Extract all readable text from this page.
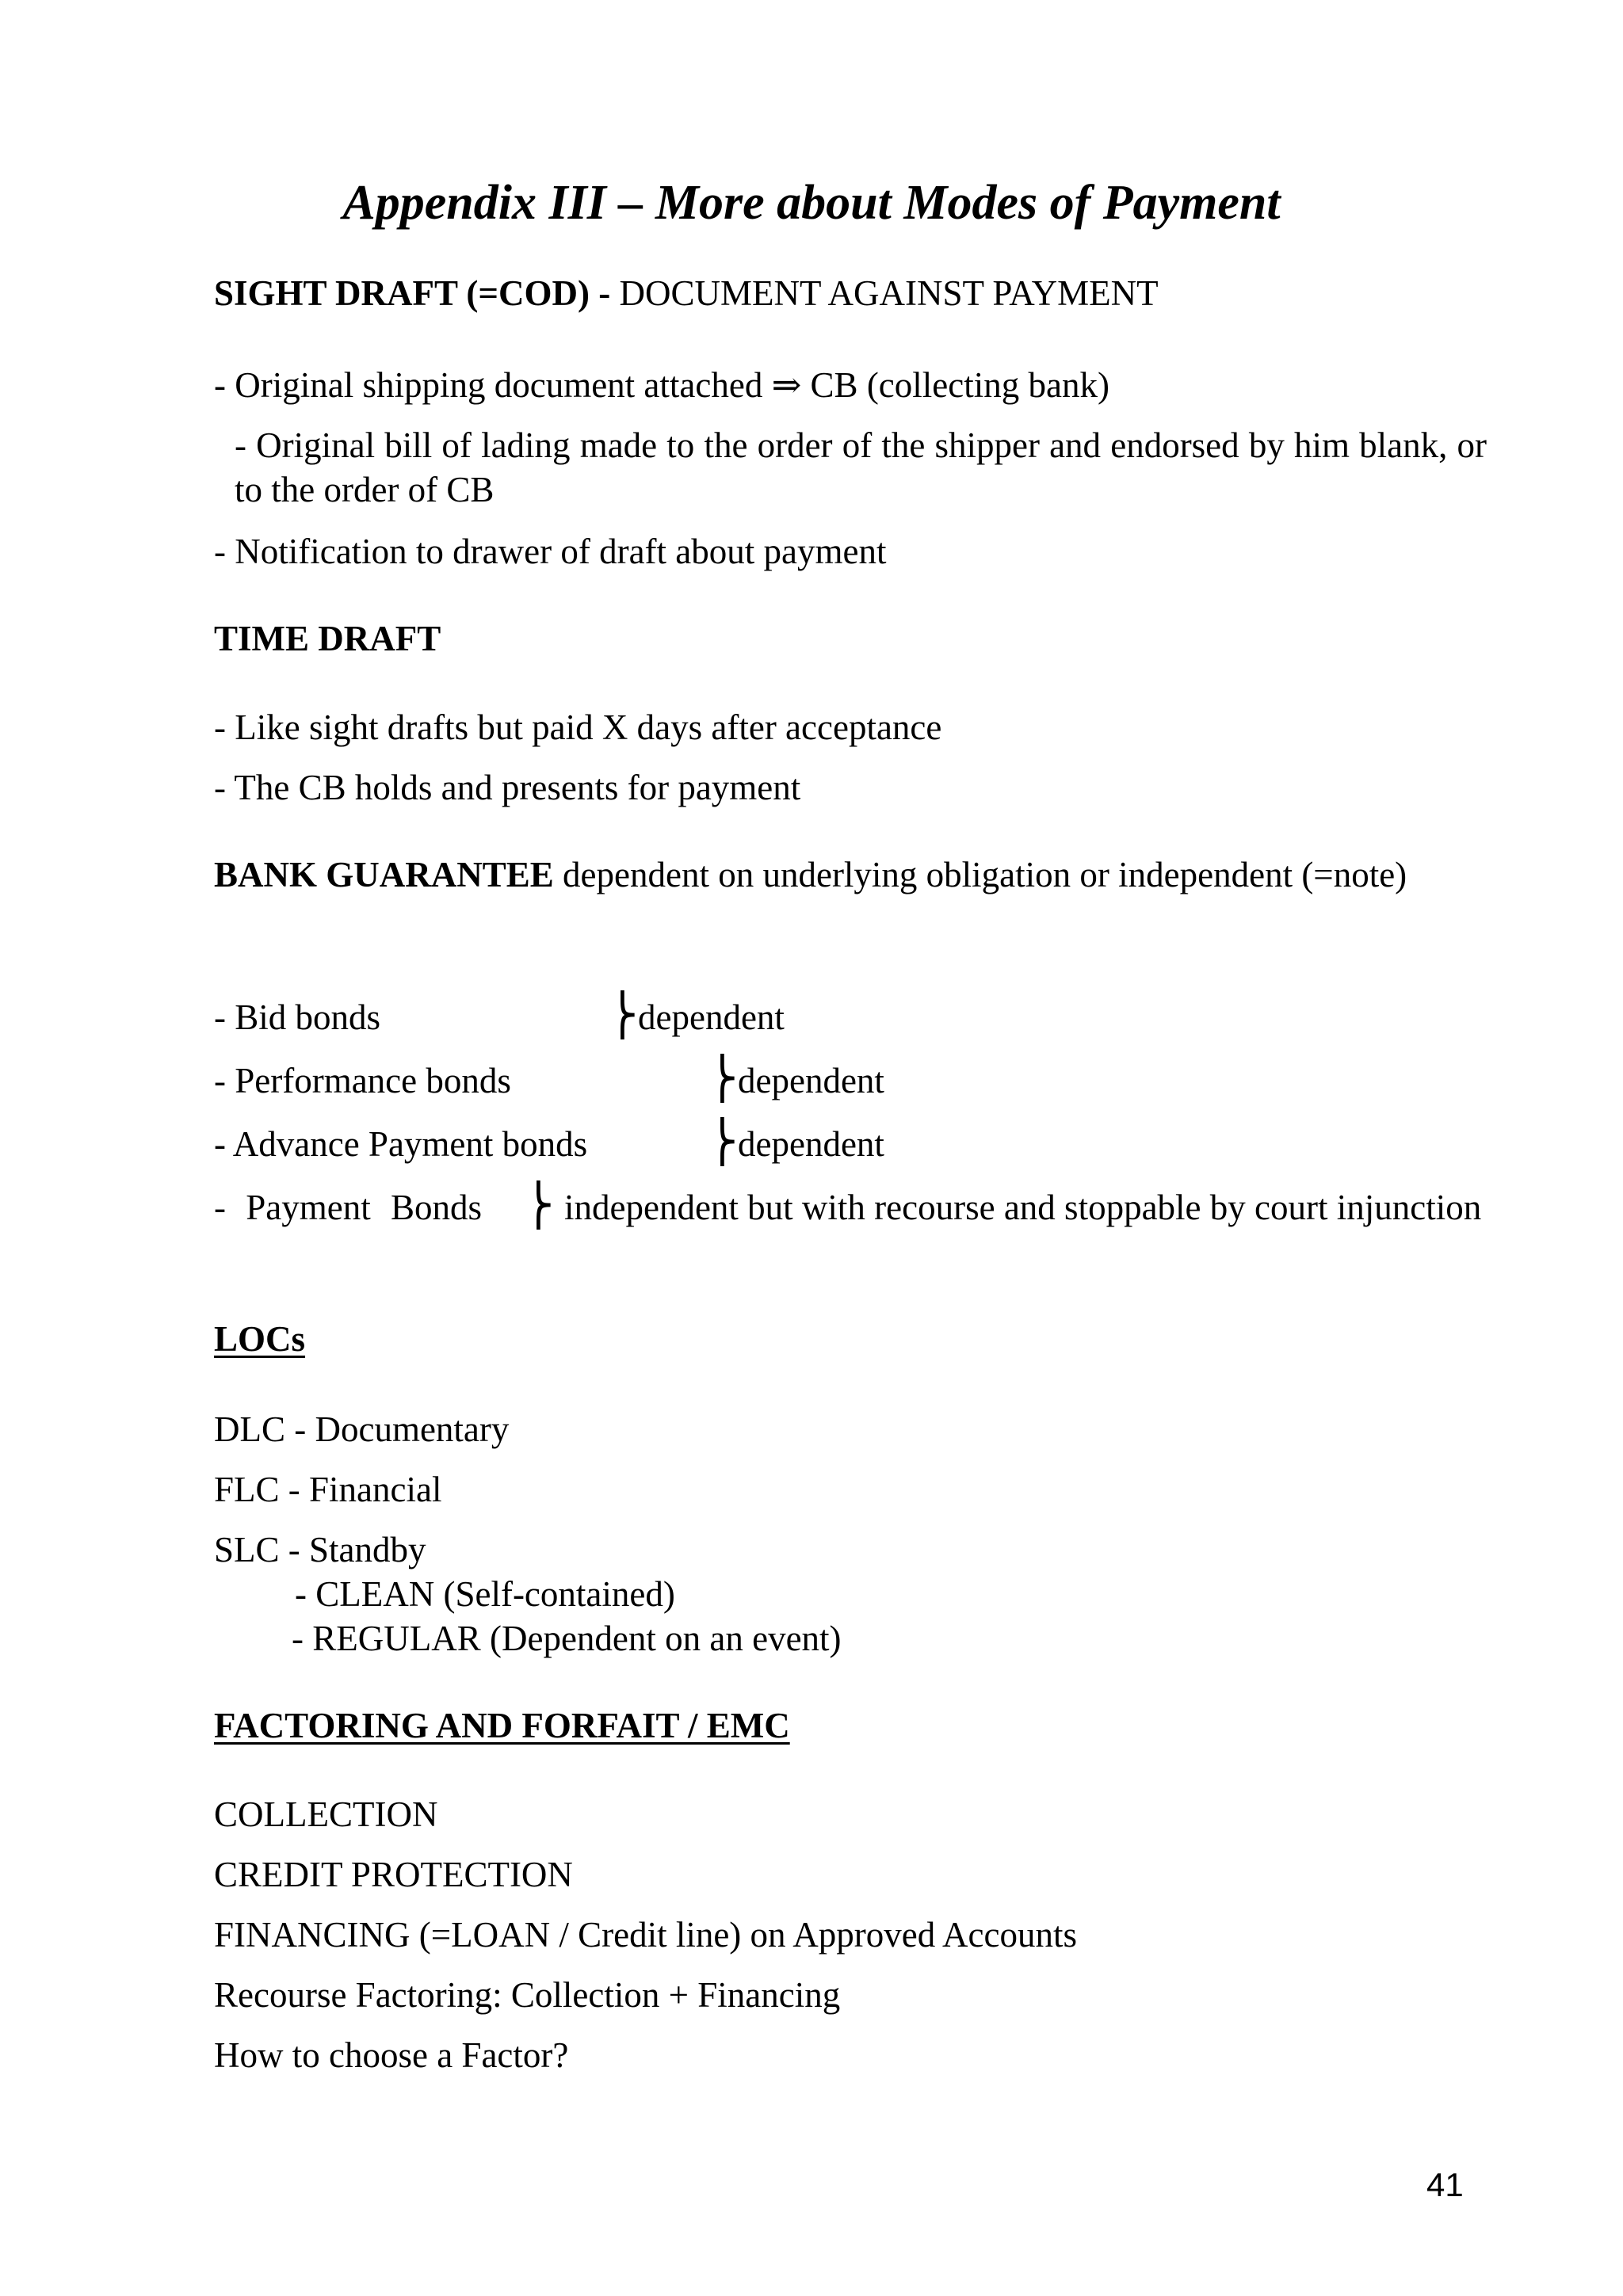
Appendix III – More about Modes of Payment
SIGHT DRAFT (=COD) - DOCUMENT AGAINST PAYMENT
- Original shipping document attached ⇒ CB (collecting bank)
- Original bill of lading made to the order of the shipper and endorsed by him blank, or to the order of CB
- Notification to drawer of draft about payment
TIME DRAFT
- Like sight drafts but paid X days after acceptance
- The CB holds and presents for payment
BANK GUARANTEE dependent on underlying obligation or independent (=note)
- Bid bonds	⎬dependent
- Performance bonds	⎬dependent
- Advance Payment bonds	⎬dependent
- Payment Bonds ⎬ independent but with recourse and stoppable by court injunction
LOCs
DLC - Documentary
FLC - Financial
SLC - Standby
- CLEAN (Self-contained)
- REGULAR (Dependent on an event)
FACTORING AND FORFAIT / EMC
COLLECTION
CREDIT PROTECTION
FINANCING (=LOAN / Credit line) on Approved Accounts
Recourse Factoring: Collection + Financing
How to choose a Factor?
41
